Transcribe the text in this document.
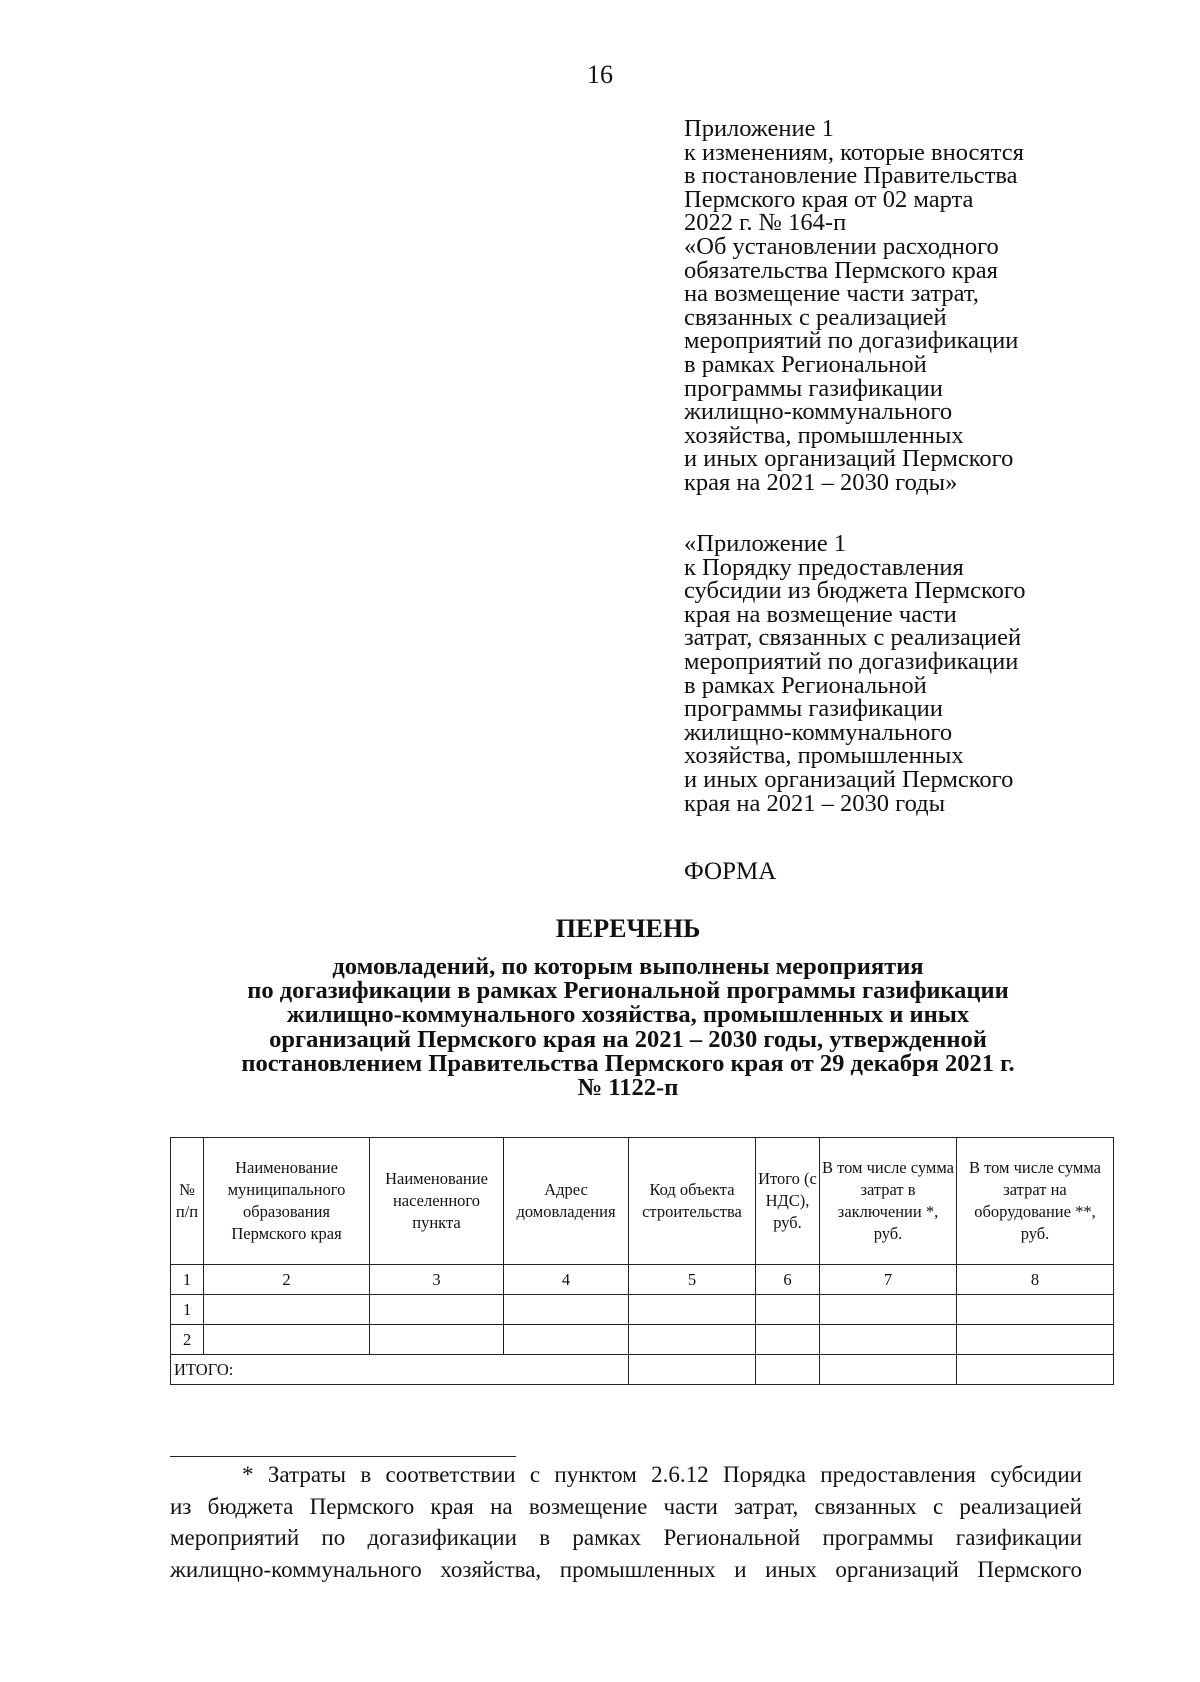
16
Приложение 1
к изменениям, которые вносятся
в постановление Правительства
Пермского края от 02 марта
2022 г. № 164-п
«Об установлении расходного
обязательства Пермского края
на возмещение части затрат,
связанных с реализацией
мероприятий по догазификации
в рамках Региональной
программы газификации
жилищно-коммунального
хозяйства, промышленных
и иных организаций Пермского
края на 2021 – 2030 годы»
«Приложение 1
к Порядку предоставления
субсидии из бюджета Пермского
края на возмещение части
затрат, связанных с реализацией
мероприятий по догазификации
в рамках Региональной
программы газификации
жилищно-коммунального
хозяйства, промышленных
и иных организаций Пермского
края на 2021 – 2030 годы
ФОРМА
ПЕРЕЧЕНЬ
домовладений, по которым выполнены мероприятия
по догазификации в рамках Региональной программы газификации
жилищно-коммунального хозяйства, промышленных и иных
организаций Пермского края на 2021 – 2030 годы, утвержденной
постановлением Правительства Пермского края от 29 декабря 2021 г.
№ 1122-п
№ п/п	Наименование муниципального образования Пермского края	Наименование населенного пункта	Адрес домовладения	Код объекта строительства	Итого (с НДС), руб.	В том числе сумма затрат в заключении *, руб.	В том числе сумма затрат на оборудование **, руб.
1	2	3	4	5	6	7	8
1							
2							
ИТОГО:							
* Затраты в соответствии с пунктом 2.6.12 Порядка предоставления субсидии
из бюджета Пермского края на возмещение части затрат, связанных с реализацией
мероприятий по догазификации в рамках Региональной программы газификации
жилищно-коммунального хозяйства, промышленных и иных организаций Пермского
